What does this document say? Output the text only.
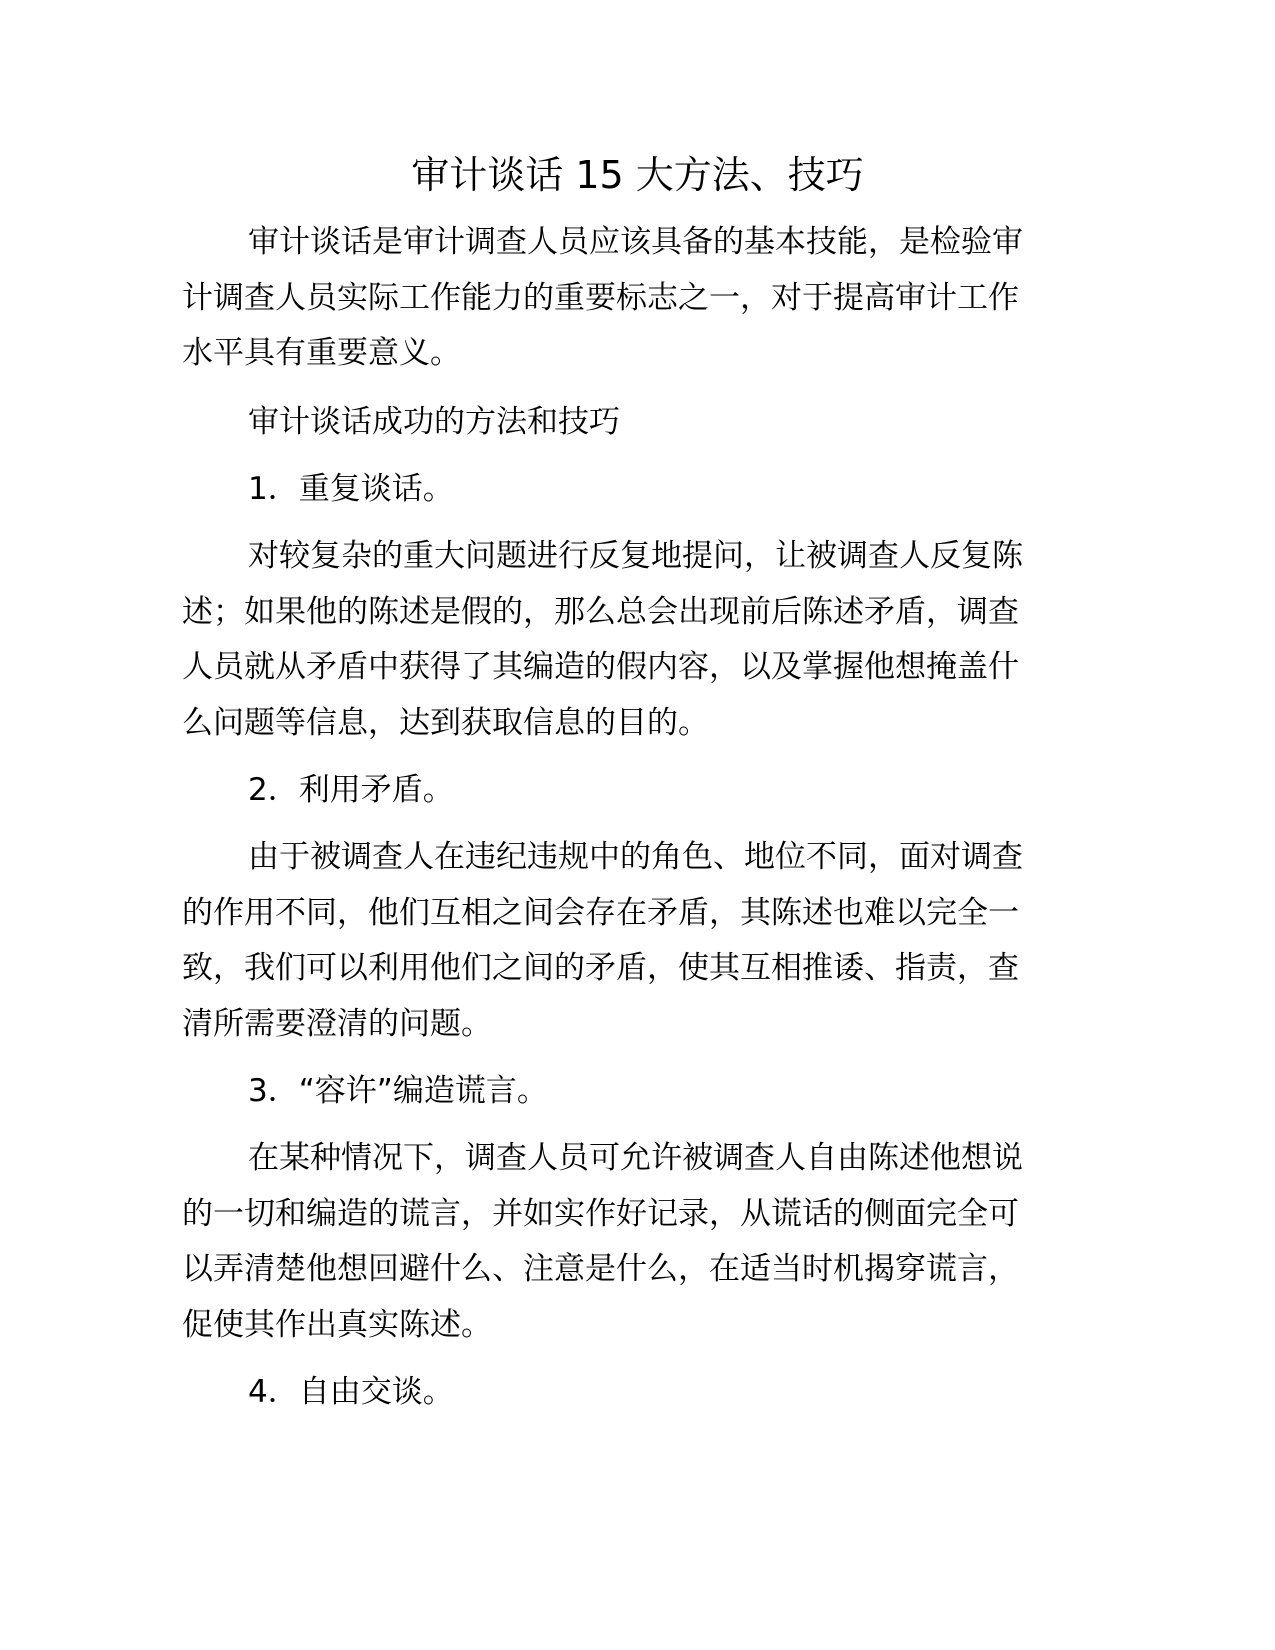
审计谈话 15 大方法、技巧
审计谈话是审计调查人员应该具备的基本技能，是检验审
计调查人员实际工作能力的重要标志之一，对于提高审计工作
水平具有重要意义。
审计谈话成功的方法和技巧
1．重复谈话。
对较复杂的重大问题进行反复地提问，让被调查人反复陈
述；如果他的陈述是假的，那么总会出现前后陈述矛盾，调查
人员就从矛盾中获得了其编造的假内容，以及掌握他想掩盖什
么问题等信息，达到获取信息的目的。
2．利用矛盾。
由于被调查人在违纪违规中的角色、地位不同，面对调查
的作用不同，他们互相之间会存在矛盾，其陈述也难以完全一
致，我们可以利用他们之间的矛盾，使其互相推诿、指责，查
清所需要澄清的问题。
3．“容许”编造谎言。
在某种情况下，调查人员可允许被调查人自由陈述他想说
的一切和编造的谎言，并如实作好记录，从谎话的侧面完全可
以弄清楚他想回避什么、注意是什么，在适当时机揭穿谎言，
促使其作出真实陈述。
4．自由交谈。
